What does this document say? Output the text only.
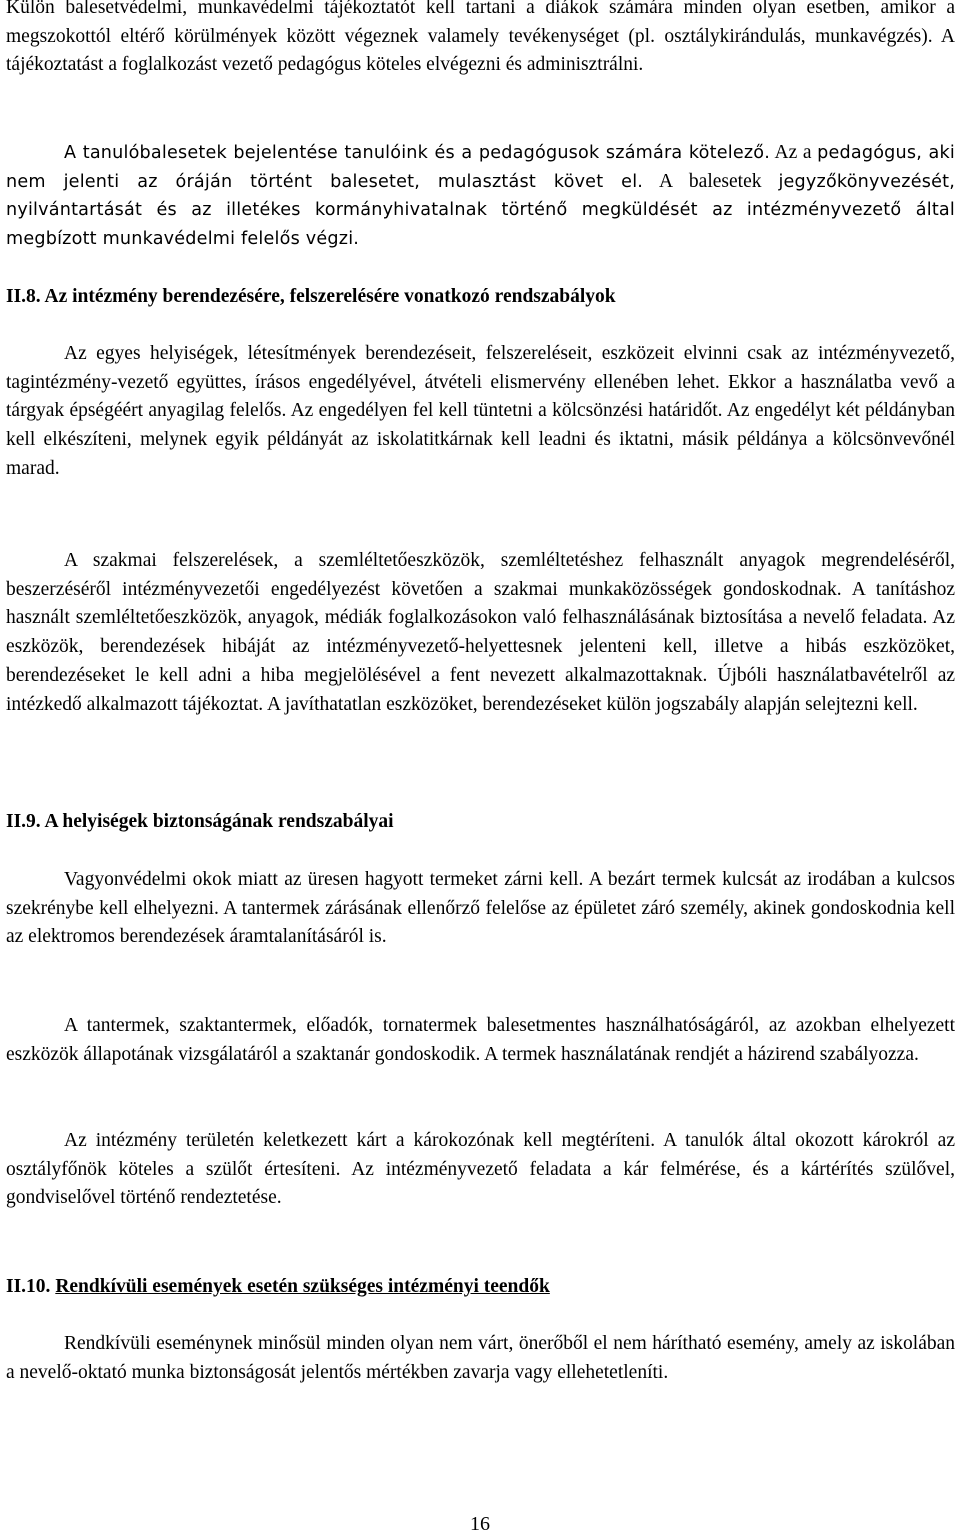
Külön balesetvédelmi, munkavédelmi tájékoztatót kell tartani a diákok számára minden olyan esetben, amikor a megszokottól eltérő körülmények között végeznek valamely tevékenységet (pl. osztálykirándulás, munkavégzés). A tájékoztatást a foglalkozást vezető pedagógus köteles elvégezni és adminisztrálni.

A tanulóbalesetek bejelentése tanulóink és a pedagógusok számára kötelező. Az a pedagógus, aki nem jelenti az óráján történt balesetet, mulasztást követ el. A balesetek jegyzőkönyvezését, nyilvántartását és az illetékes kormányhivatalnak történő megküldését az intézményvezető által megbízott munkavédelmi felelős végzi.

II.8. Az intézmény berendezésére, felszerelésére vonatkozó rendszabályok

Az egyes helyiségek, létesítmények berendezéseit, felszereléseit, eszközeit elvinni csak az intézményvezető, tagintézmény-vezető együttes, írásos engedélyével, átvételi elismervény ellenében lehet. Ekkor a használatba vevő a tárgyak épségéért anyagilag felelős. Az engedélyen fel kell tüntetni a kölcsönzési határidőt. Az engedélyt két példányban kell elkészíteni, melynek egyik példányát az iskolatitkárnak kell leadni és iktatni, másik példánya a kölcsönvevőnél marad.

A szakmai felszerelések, a szemléltetőeszközök, szemléltetéshez felhasznált anyagok megrendeléséről, beszerzéséről intézményvezetői engedélyezést követően a szakmai munkaközösségek gondoskodnak. A tanításhoz használt szemléltetőeszközök, anyagok, médiák foglalkozásokon való felhasználásának biztosítása a nevelő feladata. Az eszközök, berendezések hibáját az intézményvezető-helyettesnek jelenteni kell, illetve a hibás eszközöket, berendezéseket le kell adni a hiba megjelölésével a fent nevezett alkalmazottaknak. Újbóli használatbavételről az intézkedő alkalmazott tájékoztat. A javíthatatlan eszközöket, berendezéseket külön jogszabály alapján selejtezni kell.

II.9. A helyiségek biztonságának rendszabályai

Vagyonvédelmi okok miatt az üresen hagyott termeket zárni kell. A bezárt termek kulcsát az irodában a kulcsos szekrénybe kell elhelyezni. A tantermek zárásának ellenőrző felelőse az épületet záró személy, akinek gondoskodnia kell az elektromos berendezések áramtalanításáról is.

A tantermek, szaktantermek, előadók, tornatermek balesetmentes használhatóságáról, az azokban elhelyezett eszközök állapotának vizsgálatáról a szaktanár gondoskodik. A termek használatának rendjét a házirend szabályozza.

Az intézmény területén keletkezett kárt a károkozónak kell megtéríteni. A tanulók által okozott károkról az osztályfőnök köteles a szülőt értesíteni. Az intézményvezető feladata a kár felmérése, és a kártérítés szülővel, gondviselővel történő rendeztetése.

II.10. Rendkívüli események esetén szükséges intézményi teendők

Rendkívüli eseménynek minősül minden olyan nem várt, önerőből el nem hárítható esemény, amely az iskolában a nevelő-oktató munka biztonságosát jelentős mértékben zavarja vagy ellehetetleníti.

16
